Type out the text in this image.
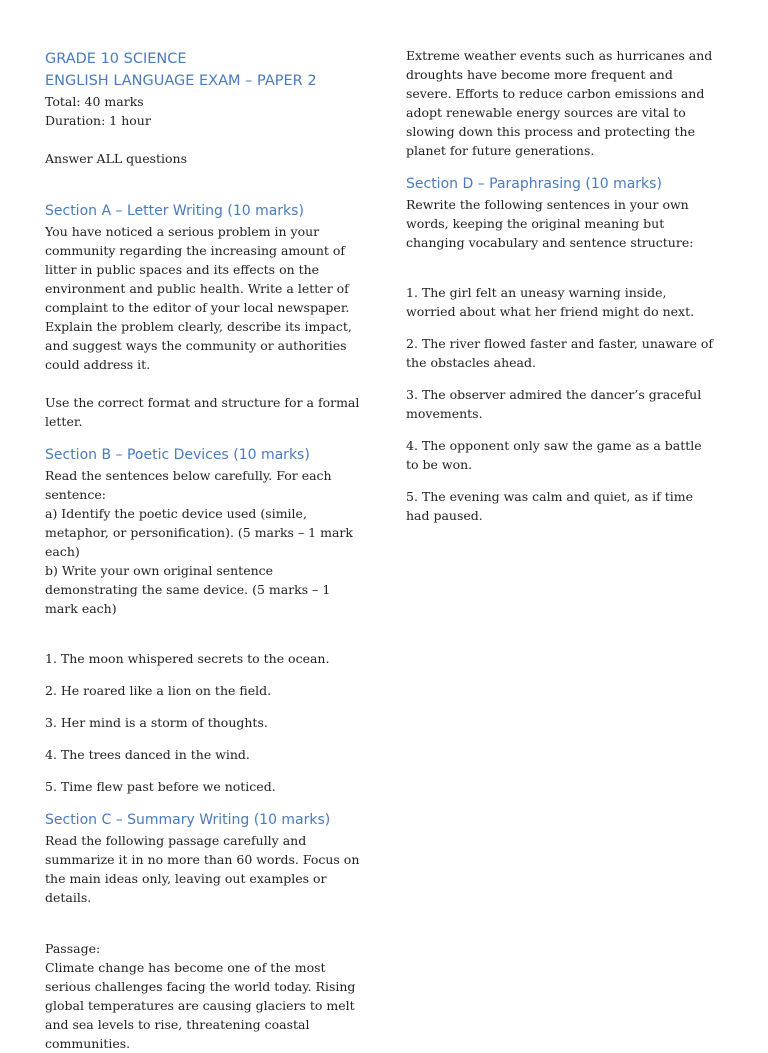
GRADE 10 SCIENCE
ENGLISH LANGUAGE EXAM – PAPER 2

Total: 40 marks

Duration: 1 hour

Answer ALL questions

Section A – Letter Writing (10 marks)

You have noticed a serious problem in your community regarding the increasing amount of litter in public spaces and its effects on the environment and public health. Write a letter of complaint to the editor of your local newspaper. Explain the problem clearly, describe its impact, and suggest ways the community or authorities could address it.

Use the correct format and structure for a formal letter.

Section B – Poetic Devices (10 marks)

Read the sentences below carefully. For each sentence:

a) Identify the poetic device used (simile, metaphor, or personification). (5 marks – 1 mark each)

b) Write your own original sentence demonstrating the same device. (5 marks – 1 mark each)

1. The moon whispered secrets to the ocean.

2. He roared like a lion on the field.

3. Her mind is a storm of thoughts.

4. The trees danced in the wind.

5. Time flew past before we noticed.

Section C – Summary Writing (10 marks)

Read the following passage carefully and summarize it in no more than 60 words. Focus on the main ideas only, leaving out examples or details.

Passage:

Climate change has become one of the most serious challenges facing the world today. Rising global temperatures are causing glaciers to melt and sea levels to rise, threatening coastal communities.

Extreme weather events such as hurricanes and droughts have become more frequent and severe. Efforts to reduce carbon emissions and adopt renewable energy sources are vital to slowing down this process and protecting the planet for future generations.

Section D – Paraphrasing (10 marks)

Rewrite the following sentences in your own words, keeping the original meaning but changing vocabulary and sentence structure:

1. The girl felt an uneasy warning inside, worried about what her friend might do next.

2. The river flowed faster and faster, unaware of the obstacles ahead.

3. The observer admired the dancer’s graceful movements.

4. The opponent only saw the game as a battle to be won.

5. The evening was calm and quiet, as if time had paused.
